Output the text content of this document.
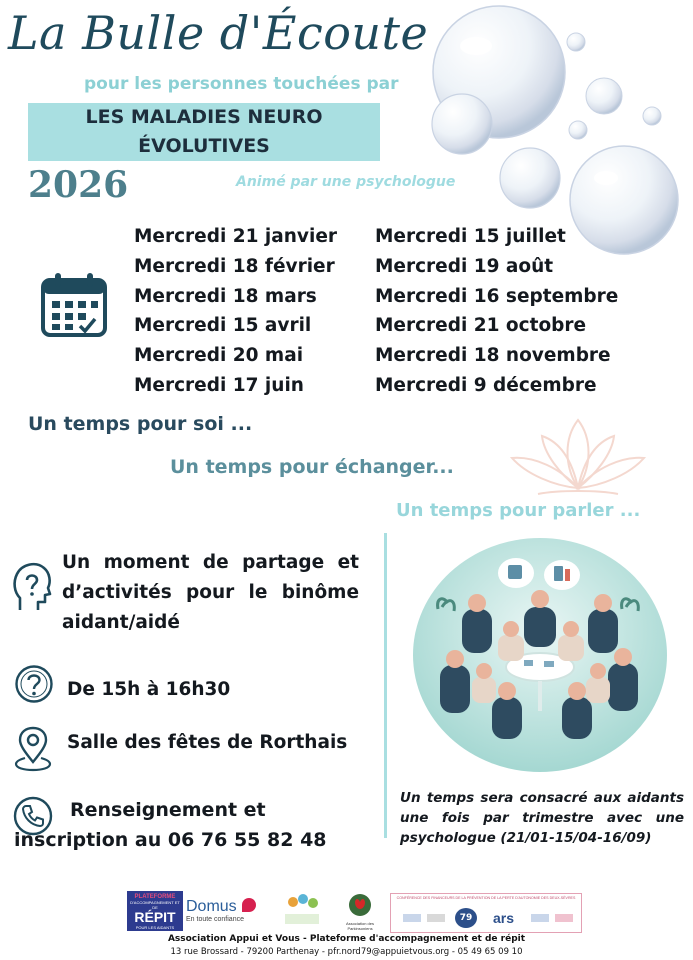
La Bulle d'Écoute
pour les personnes touchées par
LES MALADIES NEURO
ÉVOLUTIVES
2026	Animé par une psychologue
Mercredi 21 janvier
Mercredi 18 février
Mercredi 18 mars
Mercredi 15 avril
Mercredi 20 mai
Mercredi 17 juin
Mercredi 15 juillet
Mercredi 19 août
Mercredi 16 septembre
Mercredi 21 octobre
Mercredi 18 novembre
Mercredi 9 décembre
Un temps pour soi ...
Un temps pour échanger...
Un temps pour parler ...
Un moment de partage et d’activités pour le binôme aidant/aidé
De 15h à 16h30
Salle des fêtes de Rorthais
Renseignement et
inscription au 06 76 55 82 48
Un temps sera consacré aux aidants une fois par trimestre avec une psychologue (21/01-15/04-16/09)
PLATEFORME
D'ACCOMPAGNEMENT ET DE
RÉPIT
POUR LES AIDANTS
Domus
En toute confiance
Association des Parkinsoniens
CONFÉRENCE DES FINANCEURS DE LA PRÉVENTION DE LA PERTE D'AUTONOMIE DES DEUX-SÈVRES
79	ars
Association Appui et Vous - Plateforme d'accompagnement et de répit
13 rue Brossard - 79200 Parthenay - pfr.nord79@appuietvous.org - 05 49 65 09 10
